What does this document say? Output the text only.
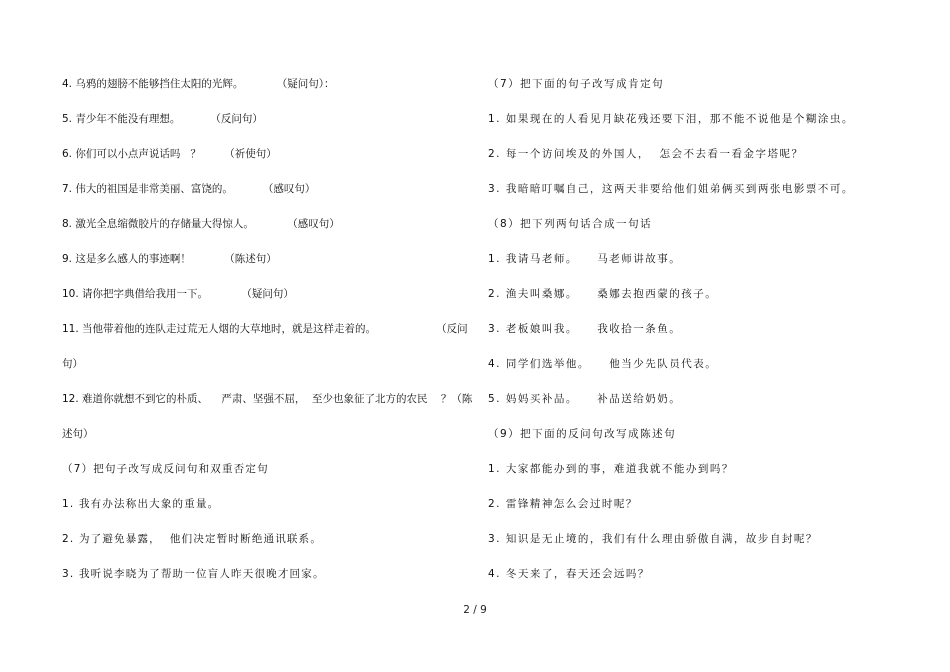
4. 乌鸦的翅膀不能够挡住太阳的光辉。          （疑问句）：
5. 青少年不能没有理想。         （反问句）
6. 你们可以小点声说话吗   ？       （祈使句）
7. 伟大的祖国是非常美丽、富饶的。         （感叹句）
8. 激光全息缩微胶片的存储量大得惊人。          （感叹句）
9. 这是多么感人的事迹啊！          （陈述句）
10. 请你把字典借给我用一下。          （疑问句）
11. 当他带着他的连队走过荒无人烟的大草地时，就是这样走着的。                  （反问
句）
12. 难道你就想不到它的朴质、    严肃、坚强不屈，  至少也象征了北方的农民    ？（陈
述句）
（7）把句子改写成反问句和双重否定句
1. 我有办法称出大象的重量。
2. 为了避免暴露，  他们决定暂时断绝通讯联系。
3. 我听说李晓为了帮助一位盲人昨天很晚才回家。
（7）把下面的句子改写成肯定句
1. 如果现在的人看见月缺花残还要下泪，那不能不说他是个糊涂虫。
2. 每一个访问埃及的外国人，  怎会不去看一看金字塔呢？
3. 我暗暗叮嘱自己，这两天非要给他们姐弟俩买到两张电影票不可。
（8）把下列两句话合成一句话
1. 我请马老师。    马老师讲故事。
2. 渔夫叫桑娜。    桑娜去抱西蒙的孩子。
3. 老板娘叫我。    我收拾一条鱼。
4. 同学们选举他。    他当少先队员代表。
5. 妈妈买补品。    补品送给奶奶。
（9）把下面的反问句改写成陈述句
1. 大家都能办到的事，难道我就不能办到吗？
2. 雷锋精神怎么会过时呢？
3. 知识是无止境的，我们有什么理由骄傲自满，故步自封呢？
4. 冬天来了，春天还会远吗？
2 / 9
